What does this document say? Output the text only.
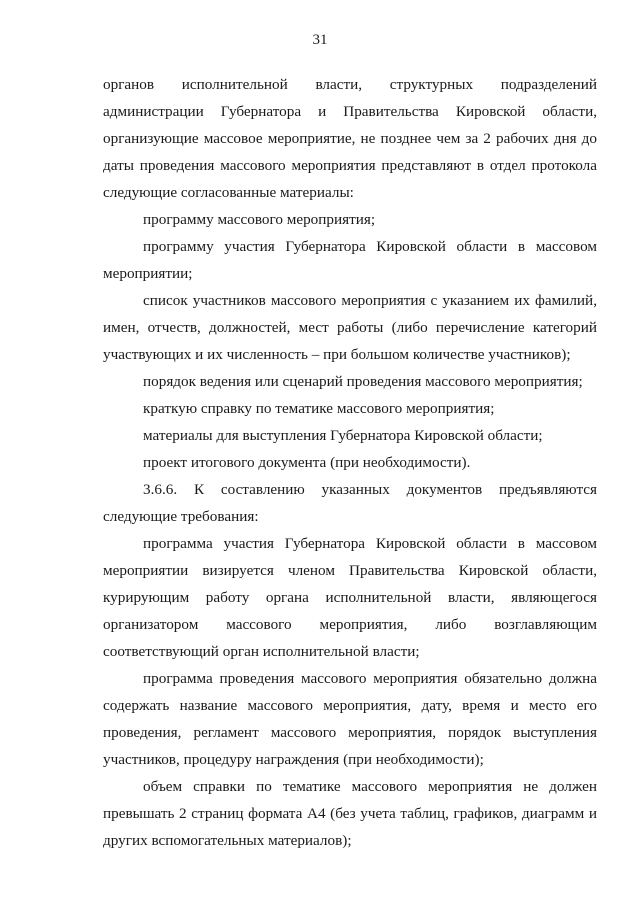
31
органов исполнительной власти, структурных подразделений
администрации Губернатора и Правительства Кировской области,
организующие массовое мероприятие, не позднее чем за 2 рабочих дня до
даты проведения массового мероприятия представляют в отдел протокола
следующие согласованные материалы:
программу массового мероприятия;
программу участия Губернатора Кировской области в массовом
мероприятии;
список участников массового мероприятия с указанием их фамилий,
имен, отчеств, должностей, мест работы (либо перечисление категорий
участвующих и их численность – при большом количестве участников);
порядок ведения или сценарий проведения массового мероприятия;
краткую справку по тематике массового мероприятия;
материалы для выступления Губернатора Кировской области;
проект итогового документа (при необходимости).
3.6.6. К составлению указанных документов предъявляются
следующие требования:
программа участия Губернатора Кировской области в массовом
мероприятии визируется членом Правительства Кировской области,
курирующим работу органа исполнительной власти, являющегося
организатором массового мероприятия, либо возглавляющим
соответствующий орган исполнительной власти;
программа проведения массового мероприятия обязательно должна
содержать название массового мероприятия, дату, время и место его
проведения, регламент массового мероприятия, порядок выступления
участников, процедуру награждения (при необходимости);
объем справки по тематике массового мероприятия не должен
превышать 2 страниц формата А4 (без учета таблиц, графиков, диаграмм и
других вспомогательных материалов);
